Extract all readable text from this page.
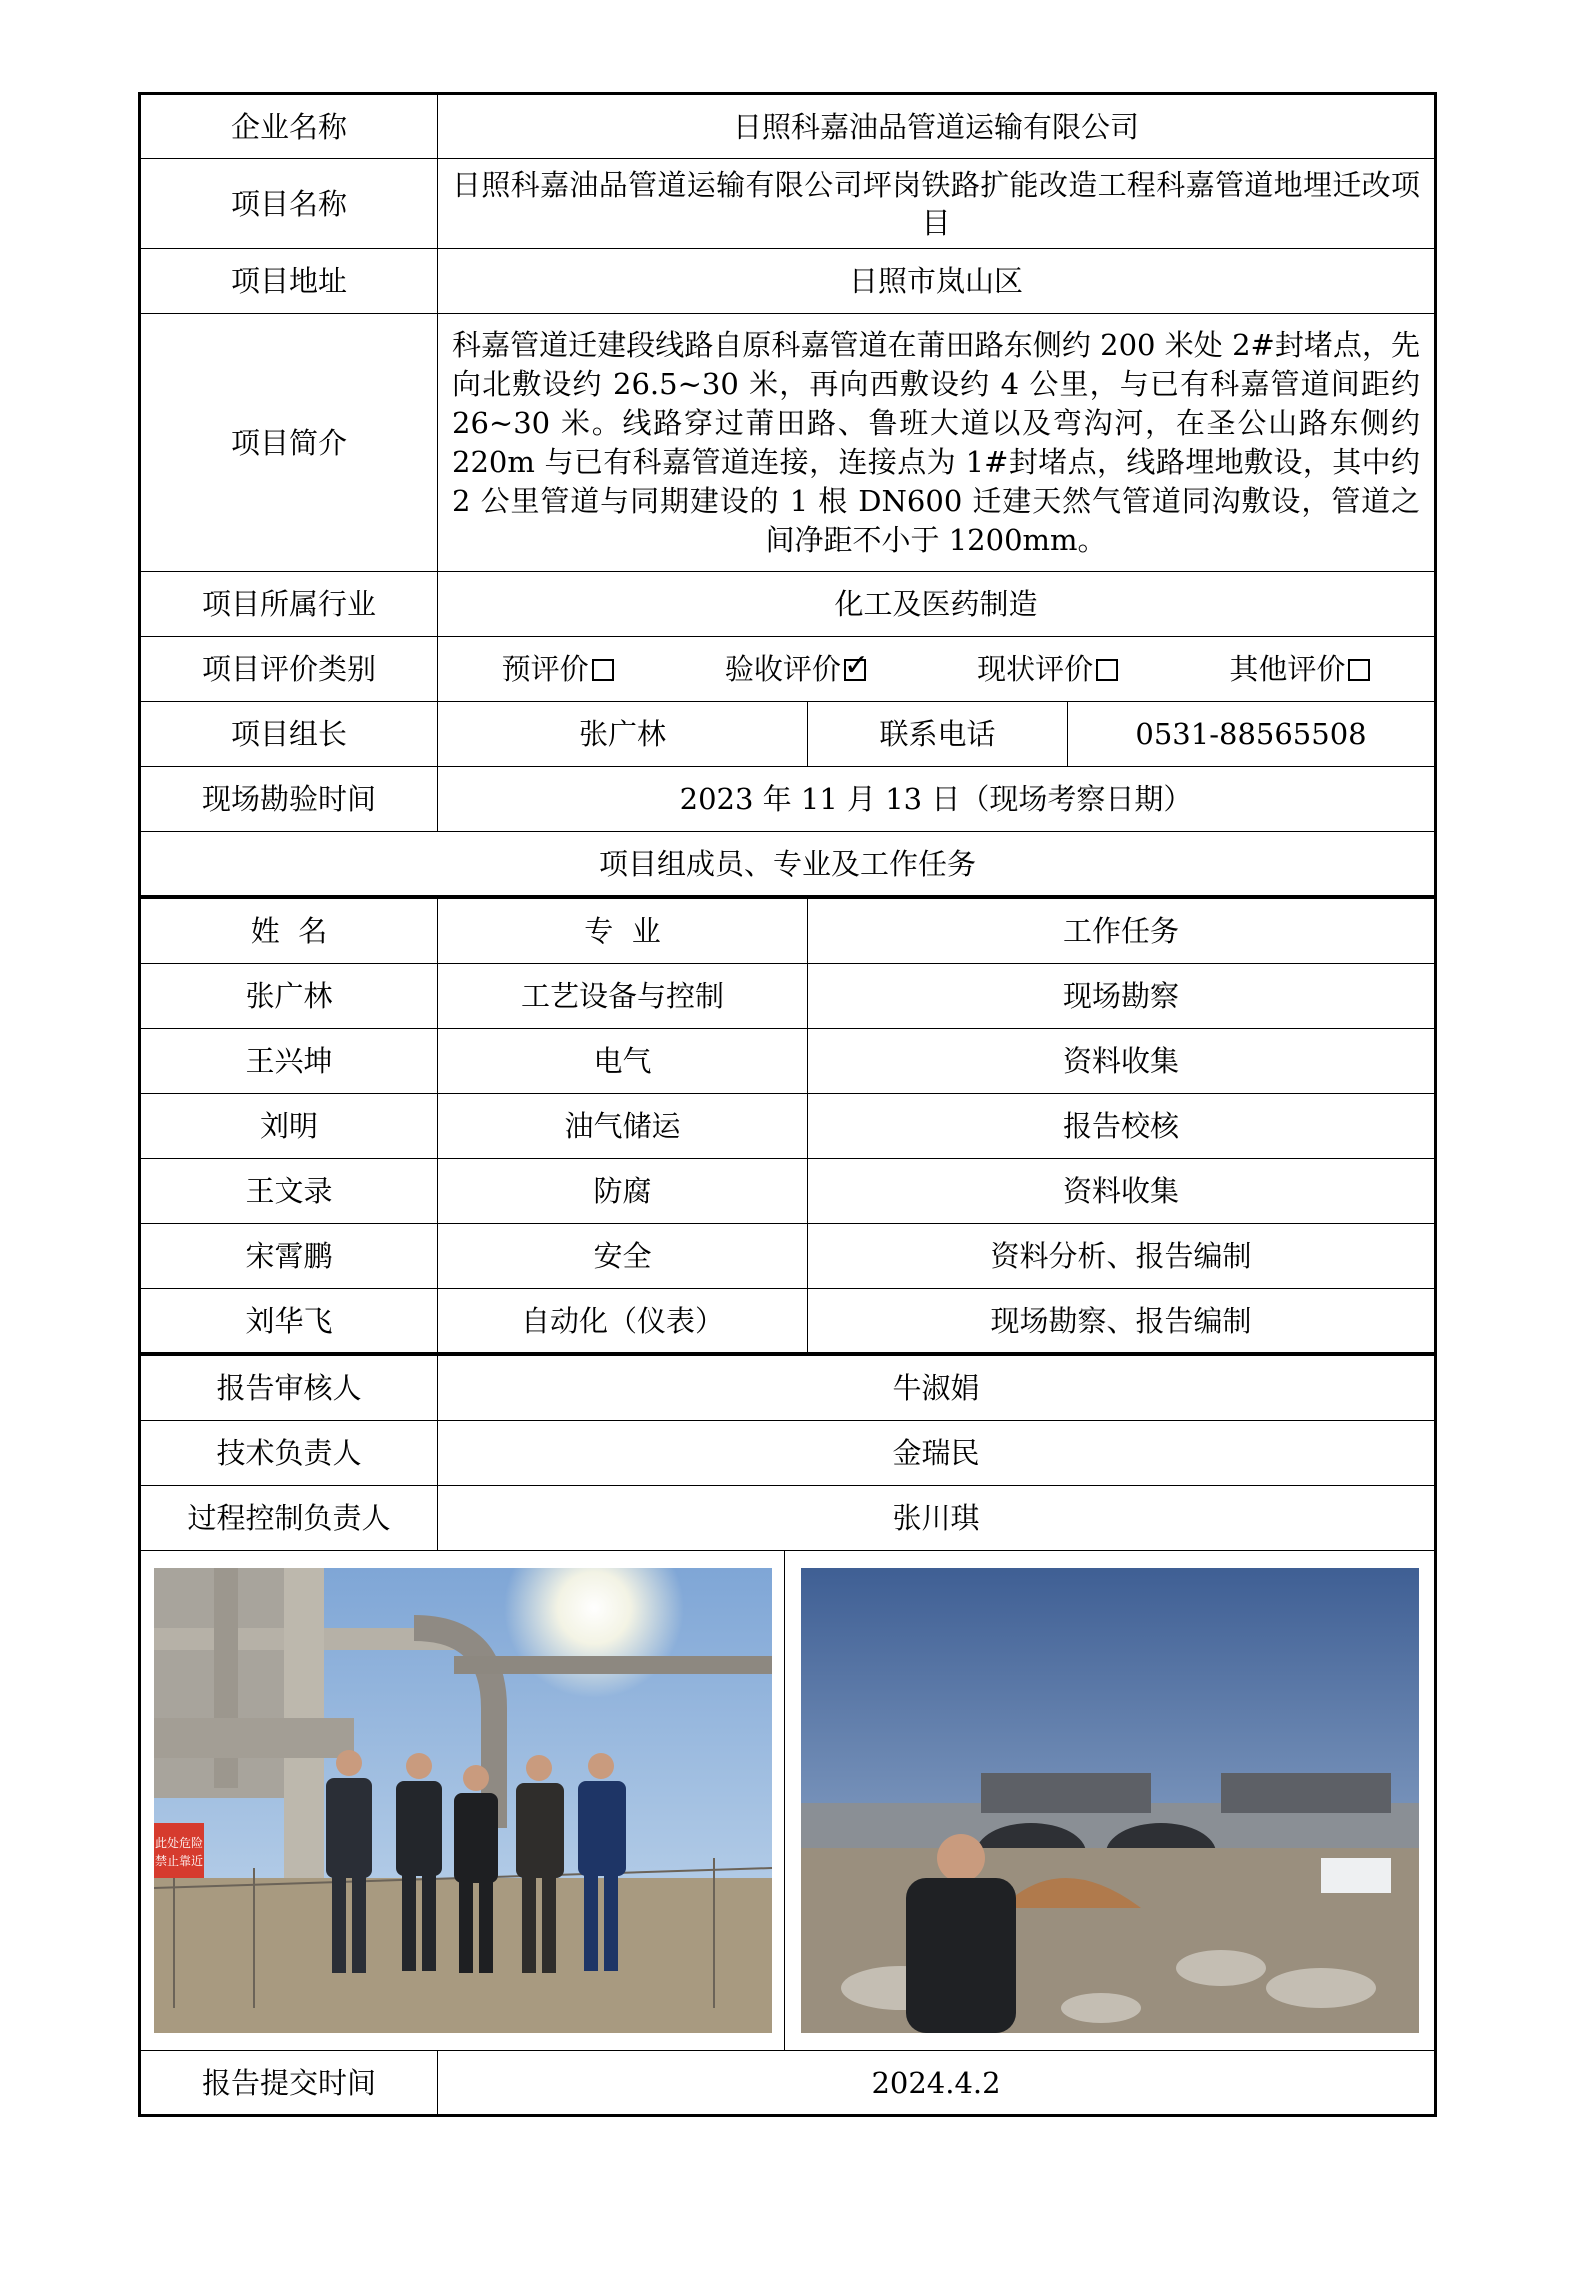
企业名称	日照科嘉油品管道运输有限公司		
项目名称	日照科嘉油品管道运输有限公司坪岗铁路扩能改造工程科嘉管道地埋迁改项目		
项目地址	日照市岚山区		
项目简介	科嘉管道迁建段线路自原科嘉管道在莆田路东侧约 200 米处 2#封堵点，先向北敷设约 26.5~30 米，再向西敷设约 4 公里，与已有科嘉管道间距约 26~30 米。线路穿过莆田路、鲁班大道以及弯沟河，在圣公山路东侧约 220m 与已有科嘉管道连接，连接点为 1#封堵点，线路埋地敷设，其中约 2 公里管道与同期建设的 1 根 DN600 迁建天然气管道同沟敷设，管道之间净距不小于 1200mm。		
项目所属行业	化工及医药制造		
项目评价类别	预评价 验收评价 ✓ 现状评价 其他评价		

项目组长	张广林	联系电话	0531-88565508
现场勘验时间	2023 年 11 月 13 日（现场考察日期）		
项目组成员、专业及工作任务			
姓  名	专  业	工作任务
张广林	工艺设备与控制	现场勘察
王兴坤	电气	资料收集
刘明	油气储运	报告校核
王文录	防腐	资料收集
宋霄鹏	安全	资料分析、报告编制
刘华飞	自动化（仪表）	现场勘察、报告编制
报告审核人	牛淑娟	
技术负责人	金瑞民	
过程控制负责人	张川琪	

此处危险
禁止靠近

报告提交时间	2024.4.2	
